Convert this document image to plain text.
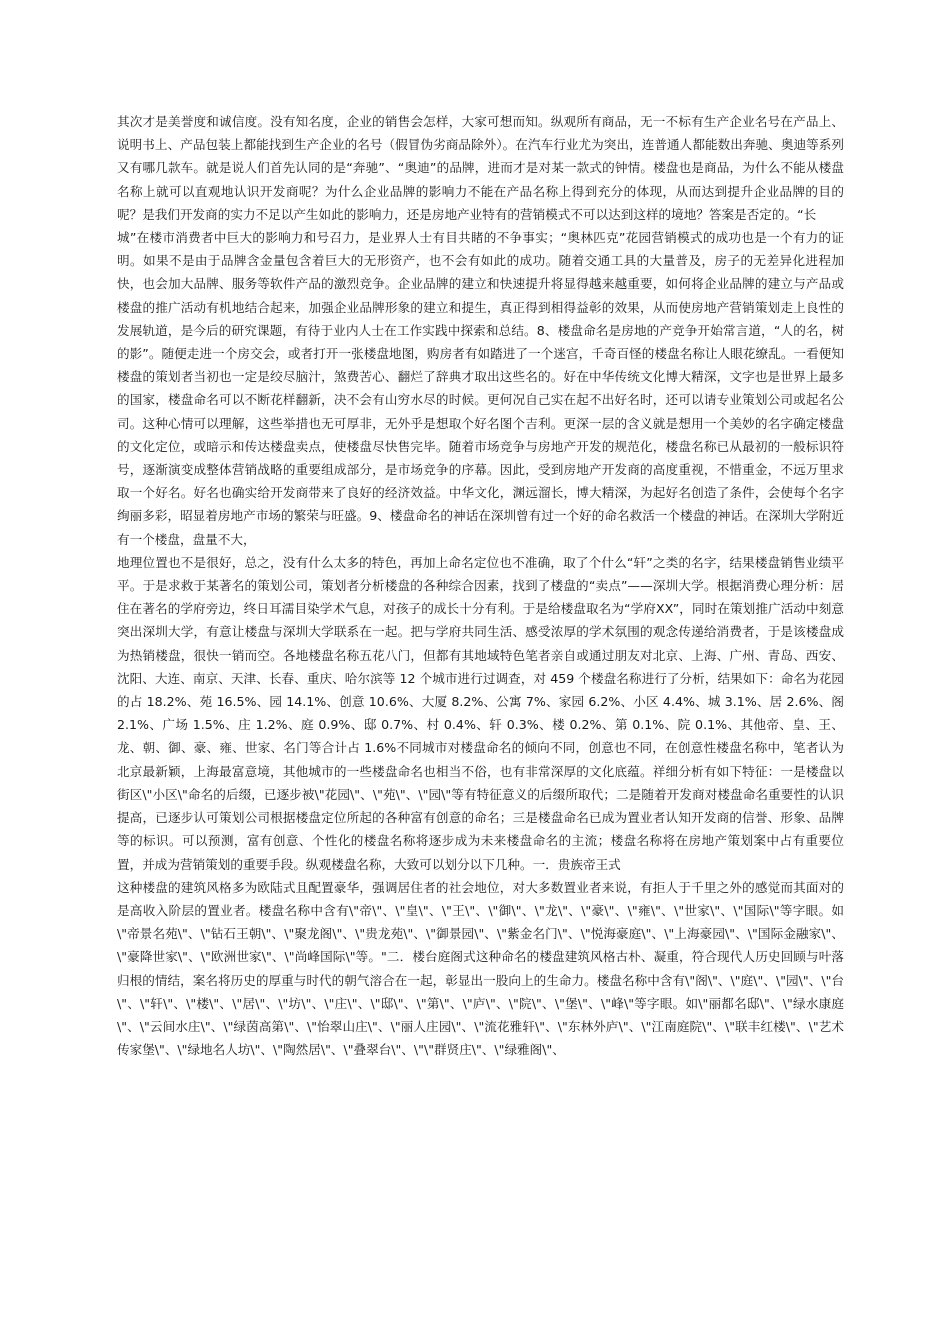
其次才是美誉度和诚信度。没有知名度，企业的销售会怎样，大家可想而知。纵观所有商品，无一不标有生产企业名号在产品上、说明书上、产品包装上都能找到生产企业的名号（假冒伪劣商品除外）。在汽车行业尤为突出，连普通人都能数出奔驰、奥迪等系列又有哪几款车。就是说人们首先认同的是“奔驰”、“奥迪”的品牌，进而才是对某一款式的钟情。楼盘也是商品，为什么不能从楼盘名称上就可以直观地认识开发商呢？为什么企业品牌的影响力不能在产品名称上得到充分的体现，从而达到提升企业品牌的目的呢？是我们开发商的实力不足以产生如此的影响力，还是房地产业特有的营销模式不可以达到这样的境地？答案是否定的。“长

城”在楼市消费者中巨大的影响力和号召力，是业界人士有目共睹的不争事实；“奥林匹克”花园营销模式的成功也是一个有力的证明。如果不是由于品牌含金量包含着巨大的无形资产，也不会有如此的成功。随着交通工具的大量普及，房子的无差异化进程加快，也会加大品牌、服务等软件产品的激烈竞争。企业品牌的建立和快速提升将显得越来越重要，如何将企业品牌的建立与产品或楼盘的推广活动有机地结合起来，加强企业品牌形象的建立和提生，真正得到相得益彰的效果，从而使房地产营销策划走上良性的发展轨道，是今后的研究课题，有待于业内人士在工作实践中探索和总结。8、楼盘命名是房地的产竞争开始常言道，“人的名，树的影”。随便走进一个房交会，或者打开一张楼盘地图，购房者有如踏进了一个迷宫，千奇百怪的楼盘名称让人眼花缭乱。一看便知楼盘的策划者当初也一定是绞尽脑汁，煞费苦心、翻烂了辞典才取出这些名的。好在中华传统文化博大精深，文字也是世界上最多的国家，楼盘命名可以不断花样翻新，决不会有山穷水尽的时候。更何况自己实在起不出好名时，还可以请专业策划公司或起名公司。这种心情可以理解，这些举措也无可厚非，无外乎是想取个好名图个吉利。更深一层的含义就是想用一个美妙的名字确定楼盘的文化定位，或暗示和传达楼盘卖点，使楼盘尽快售完毕。随着市场竞争与房地产开发的规范化，楼盘名称已从最初的一般标识符号，逐渐演变成整体营销战略的重要组成部分，是市场竞争的序幕。因此，受到房地产开发商的高度重视，不惜重金，不远万里求取一个好名。好名也确实给开发商带来了良好的经济效益。中华文化，渊远溜长，博大精深，为起好名创造了条件，会使每个名字绚丽多彩，昭显着房地产市场的繁荣与旺盛。9、楼盘命名的神话在深圳曾有过一个好的命名救活一个楼盘的神话。在深圳大学附近有一个楼盘，盘量不大，

地理位置也不是很好，总之，没有什么太多的特色，再加上命名定位也不准确，取了个什么“轩”之类的名字，结果楼盘销售业绩平平。于是求救于某著名的策划公司，策划者分析楼盘的各种综合因素，找到了楼盘的“卖点”——深圳大学。根据消费心理分析：居住在著名的学府旁边，终日耳濡目染学术气息，对孩子的成长十分有利。于是给楼盘取名为“学府XX”，同时在策划推广活动中刻意突出深圳大学，有意让楼盘与深圳大学联系在一起。把与学府共同生活、感受浓厚的学术氛围的观念传递给消费者，于是该楼盘成为热销楼盘，很快一销而空。各地楼盘名称五花八门，但都有其地域特色笔者亲自或通过朋友对北京、上海、广州、青岛、西安、沈阳、大连、南京、天津、长春、重庆、哈尔滨等 12 个城市进行过调查，对 459 个楼盘名称进行了分析，结果如下：命名为花园的占 18.2%、苑 16.5%、园 14.1%、创意 10.6%、大厦 8.2%、公寓 7%、家园 6.2%、小区 4.4%、城 3.1%、居 2.6%、阁 2.1%、广场 1.5%、庄 1.2%、庭 0.9%、邸 0.7%、村 0.4%、轩 0.3%、楼 0.2%、第 0.1%、院 0.1%、其他帝、皇、王、龙、朝、御、豪、雍、世家、名门等合计占 1.6%不同城市对楼盘命名的倾向不同，创意也不同，在创意性楼盘名称中，笔者认为北京最新颖，上海最富意境，其他城市的一些楼盘命名也相当不俗，也有非常深厚的文化底蕴。祥细分析有如下特征：一是楼盘以街区\"小区\"命名的后缀，已逐步被\"花园\"、\"苑\"、\"园\"等有特征意义的后缀所取代；二是随着开发商对楼盘命名重要性的认识提高，已逐步认可策划公司根据楼盘定位所起的各种富有创意的命名；三是楼盘命名已成为置业者认知开发商的信誉、形象、品牌等的标识。可以预测，富有创意、个性化的楼盘名称将逐步成为未来楼盘命名的主流；楼盘名称将在房地产策划案中占有重要位置，并成为营销策划的重要手段。纵观楼盘名称，大致可以划分以下几种。一．贵族帝王式

这种楼盘的建筑风格多为欧陆式且配置豪华，强调居住者的社会地位，对大多数置业者来说，有拒人于千里之外的感觉而其面对的是高收入阶层的置业者。楼盘名称中含有\"帝\"、\"皇\"、\"王\"、\"御\"、\"龙\"、\"豪\"、\"雍\"、\"世家\"、\"国际\"等字眼。如\"帝景名苑\"、\"钻石王朝\"、\"聚龙阁\"、\"贵龙苑\"、\"御景园\"、\"紫金名门\"、\"悦海豪庭\"、\"上海豪园\"、\"国际金融家\"、\"豪降世家\"、\"欧洲世家\"、\"尚峰国际\"等。"二．楼台庭阁式这种命名的楼盘建筑风格古朴、凝重，符合现代人历史回顾与叶落归根的情结，案名将历史的厚重与时代的朝气溶合在一起，彰显出一股向上的生命力。楼盘名称中含有\"阁\"、\"庭\"、\"园\"、\"台\"、\"轩\"、\"楼\"、\"居\"、\"坊\"、\"庄\"、\"邸\"、\"第\"、\"庐\"、\"院\"、\"堡\"、\"峰\"等字眼。如\"丽都名邸\"、\"绿水康庭\"、\"云间水庄\"、\"绿茵高第\"、\"怡翠山庄\"、\"丽人庄园\"、\"流花雅轩\"、\"东林外庐\"、\"江南庭院\"、\"联丰红楼\"、\"艺术传家堡\"、\"绿地名人坊\"、\"陶然居\"、\"叠翠台\"、\"\"群贤庄\"、\"绿雅阁\"、
